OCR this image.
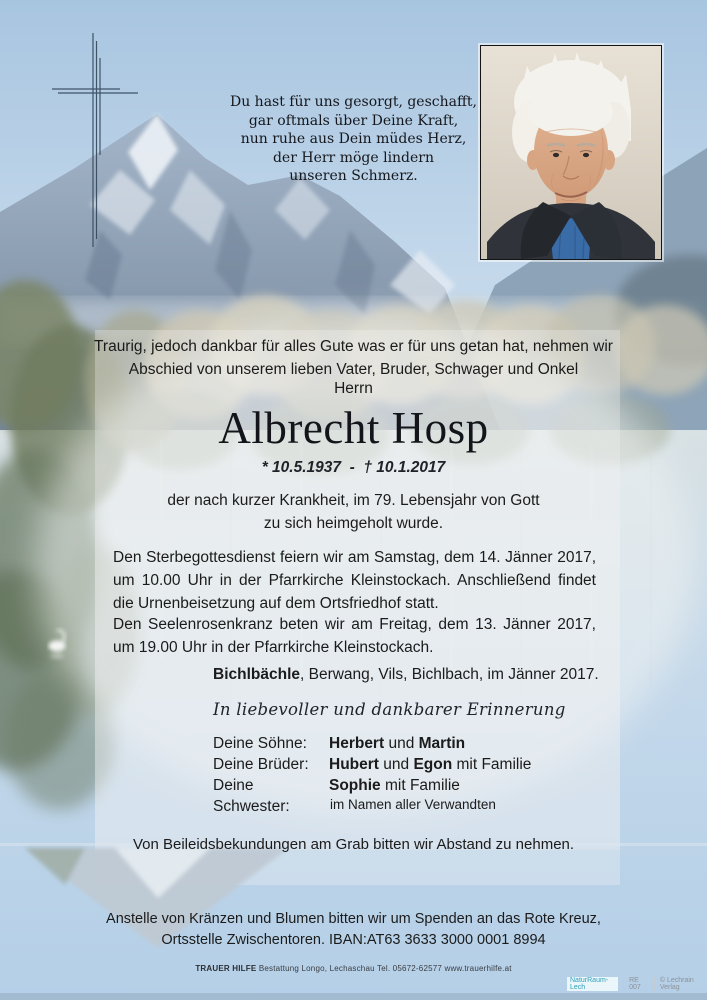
Du hast für uns gesorgt, geschafft,
gar oftmals über Deine Kraft,
nun ruhe aus Dein müdes Herz,
der Herr möge lindern
unseren Schmerz.
Traurig, jedoch dankbar für alles Gute was er für uns getan hat, nehmen wir
Abschied von unserem lieben Vater, Bruder, Schwager und Onkel
Herrn
Albrecht Hosp
* 10.5.1937  -  † 10.1.2017
der nach kurzer Krankheit, im 79. Lebensjahr von Gott
zu sich heimgeholt wurde.
Den Sterbegottesdienst feiern wir am Samstag, dem 14. Jänner 2017, um 10.00 Uhr in der Pfarrkirche Kleinstockach. Anschließend findet die Urnenbeisetzung auf dem Ortsfriedhof statt.
Den Seelenrosenkranz beten wir am Freitag, dem 13. Jänner 2017, um 19.00 Uhr in der Pfarrkirche Kleinstockach.
Bichlbächle, Berwang, Vils, Bichlbach, im Jänner 2017.
In liebevoller und dankbarer Erinnerung
Deine Söhne:	Herbert und Martin
Deine Brüder:	Hubert und Egon mit Familie
Deine Schwester:
Sophie mit Familie
im Namen aller Verwandten
Von Beileidsbekundungen am Grab bitten wir Abstand zu nehmen.
Anstelle von Kränzen und Blumen bitten wir um Spenden an das Rote Kreuz,
Ortsstelle Zwischentoren. IBAN:AT63 3633 3000 0001 8994
TRAUER HILFE Bestattung Longo, Lechaschau Tel. 05672-62577 www.trauerhilfe.at
NaturRaum-Lech
RE 007
© Lechrain Verlag
